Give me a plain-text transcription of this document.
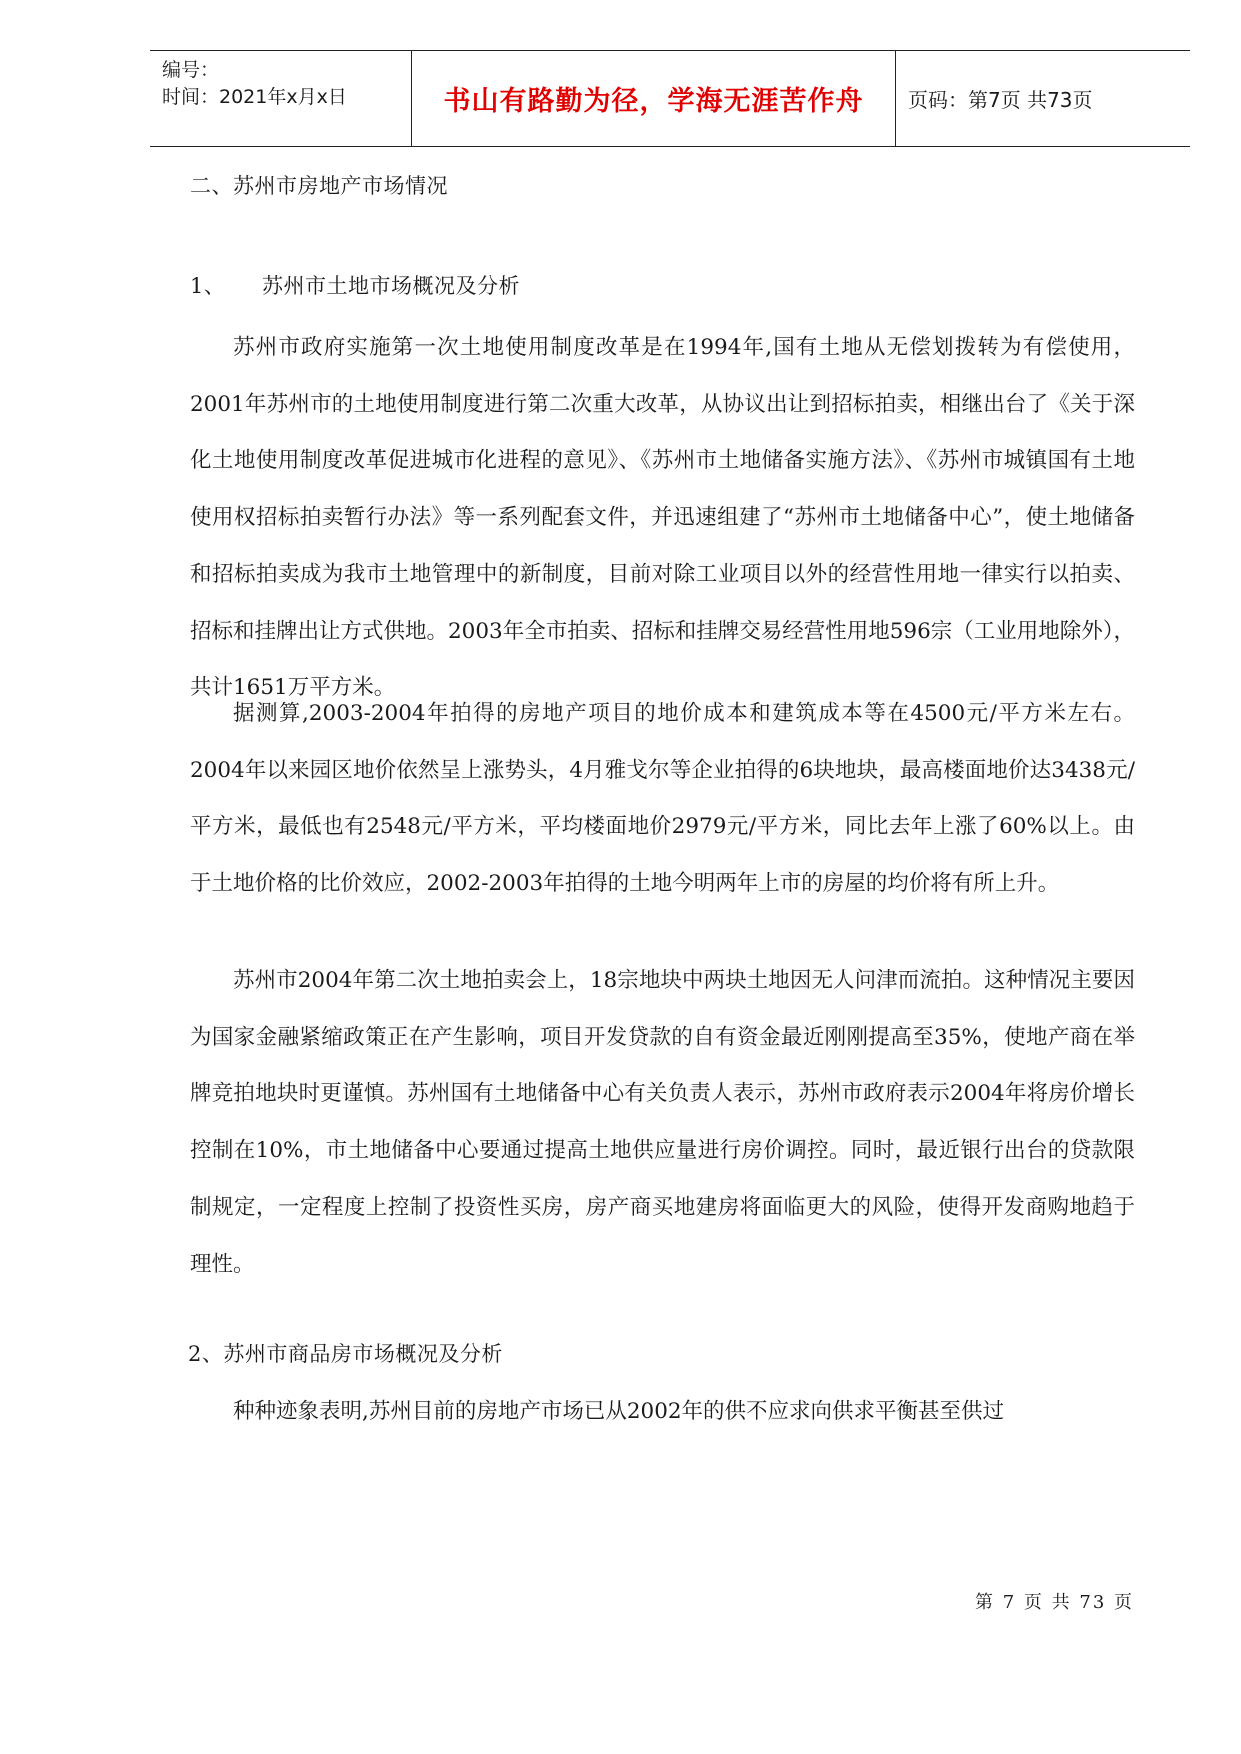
编号：
时间：2021年x月x日	书山有路勤为径，学海无涯苦作舟	页码：第7页 共73页
二、苏州市房地产市场情况
1、 苏州市土地市场概况及分析

苏州市政府实施第一次土地使用制度改革是在1994年,国有土地从无偿划拨转为有偿使用，2001年苏州市的土地使用制度进行第二次重大改革，从协议出让到招标拍卖，相继出台了《关于深化土地使用制度改革促进城市化进程的意见》、《苏州市土地储备实施方法》、《苏州市城镇国有土地使用权招标拍卖暂行办法》等一系列配套文件，并迅速组建了“苏州市土地储备中心”，使土地储备和招标拍卖成为我市土地管理中的新制度，目前对除工业项目以外的经营性用地一律实行以拍卖、招标和挂牌出让方式供地。2003年全市拍卖、招标和挂牌交易经营性用地596宗（工业用地除外），共计1651万平方米。

据测算,2003-2004年拍得的房地产项目的地价成本和建筑成本等在4500元/平方米左右。2004年以来园区地价依然呈上涨势头，4月雅戈尔等企业拍得的6块地块，最高楼面地价达3438元/平方米，最低也有2548元/平方米，平均楼面地价2979元/平方米，同比去年上涨了60%以上。由于土地价格的比价效应，2002-2003年拍得的土地今明两年上市的房屋的均价将有所上升。

苏州市2004年第二次土地拍卖会上，18宗地块中两块土地因无人问津而流拍。这种情况主要因为国家金融紧缩政策正在产生影响，项目开发贷款的自有资金最近刚刚提高至35%，使地产商在举牌竞拍地块时更谨慎。苏州国有土地储备中心有关负责人表示，苏州市政府表示2004年将房价增长控制在10%，市土地储备中心要通过提高土地供应量进行房价调控。同时，最近银行出台的贷款限制规定，一定程度上控制了投资性买房，房产商买地建房将面临更大的风险，使得开发商购地趋于理性。

2、苏州市商品房市场概况及分析

种种迹象表明,苏州目前的房地产市场已从2002年的供不应求向供求平衡甚至供过

第 7 页 共 73 页
